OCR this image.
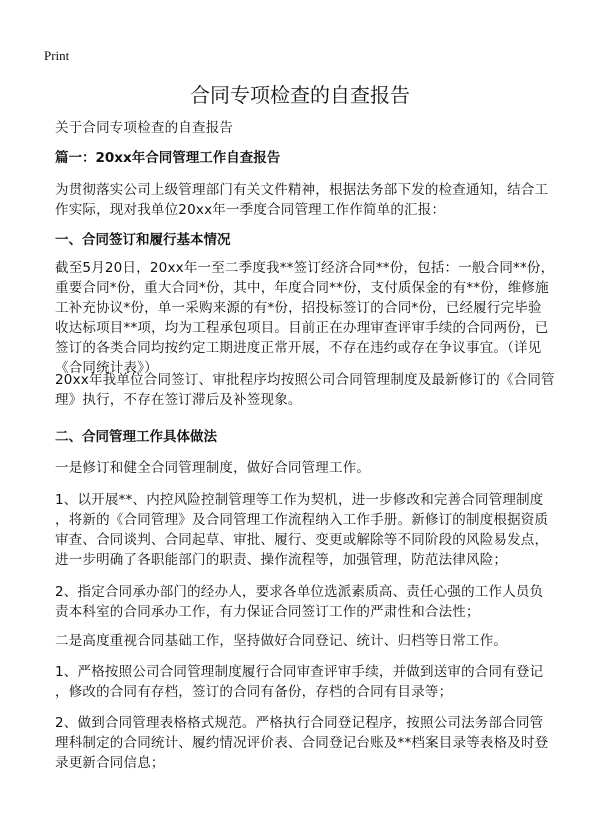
Print
合同专项检查的自查报告
关于合同专项检查的自查报告
篇一：20xx年合同管理工作自查报告
为贯彻落实公司上级管理部门有关文件精神，根据法务部下发的检查通知，结合工
作实际，现对我单位20xx年一季度合同管理工作作简单的汇报：
一、合同签订和履行基本情况
截至5月20日，20xx年一至二季度我**签订经济合同**份，包括：一般合同**份，
重要合同*份，重大合同*份，其中，年度合同**份，支付质保金的有**份，维修施
工补充协议*份，单一采购来源的有*份，招投标签订的合同*份，已经履行完毕验
收达标项目**项，均为工程承包项目。目前正在办理审查评审手续的合同两份，已
签订的各类合同均按约定工期进度正常开展，不存在违约或存在争议事宜。（详见
《合同统计表》）
20xx年我单位合同签订、审批程序均按照公司合同管理制度及最新修订的《合同管
理》执行，不存在签订滞后及补签现象。
二、合同管理工作具体做法
一是修订和健全合同管理制度，做好合同管理工作。
1、以开展**、内控风险控制管理等工作为契机，进一步修改和完善合同管理制度
，将新的《合同管理》及合同管理工作流程纳入工作手册。新修订的制度根据资质
审查、合同谈判、合同起草、审批、履行、变更或解除等不同阶段的风险易发点，
进一步明确了各职能部门的职责、操作流程等，加强管理，防范法律风险；
2、指定合同承办部门的经办人，要求各单位选派素质高、责任心强的工作人员负
责本科室的合同承办工作，有力保证合同签订工作的严肃性和合法性；
二是高度重视合同基础工作，坚持做好合同登记、统计、归档等日常工作。
1、严格按照公司合同管理制度履行合同审查评审手续，并做到送审的合同有登记
，修改的合同有存档，签订的合同有备份，存档的合同有目录等；
2、做到合同管理表格格式规范。严格执行合同登记程序，按照公司法务部合同管
理科制定的合同统计、履约情况评价表、合同登记台账及**档案目录等表格及时登
录更新合同信息；
